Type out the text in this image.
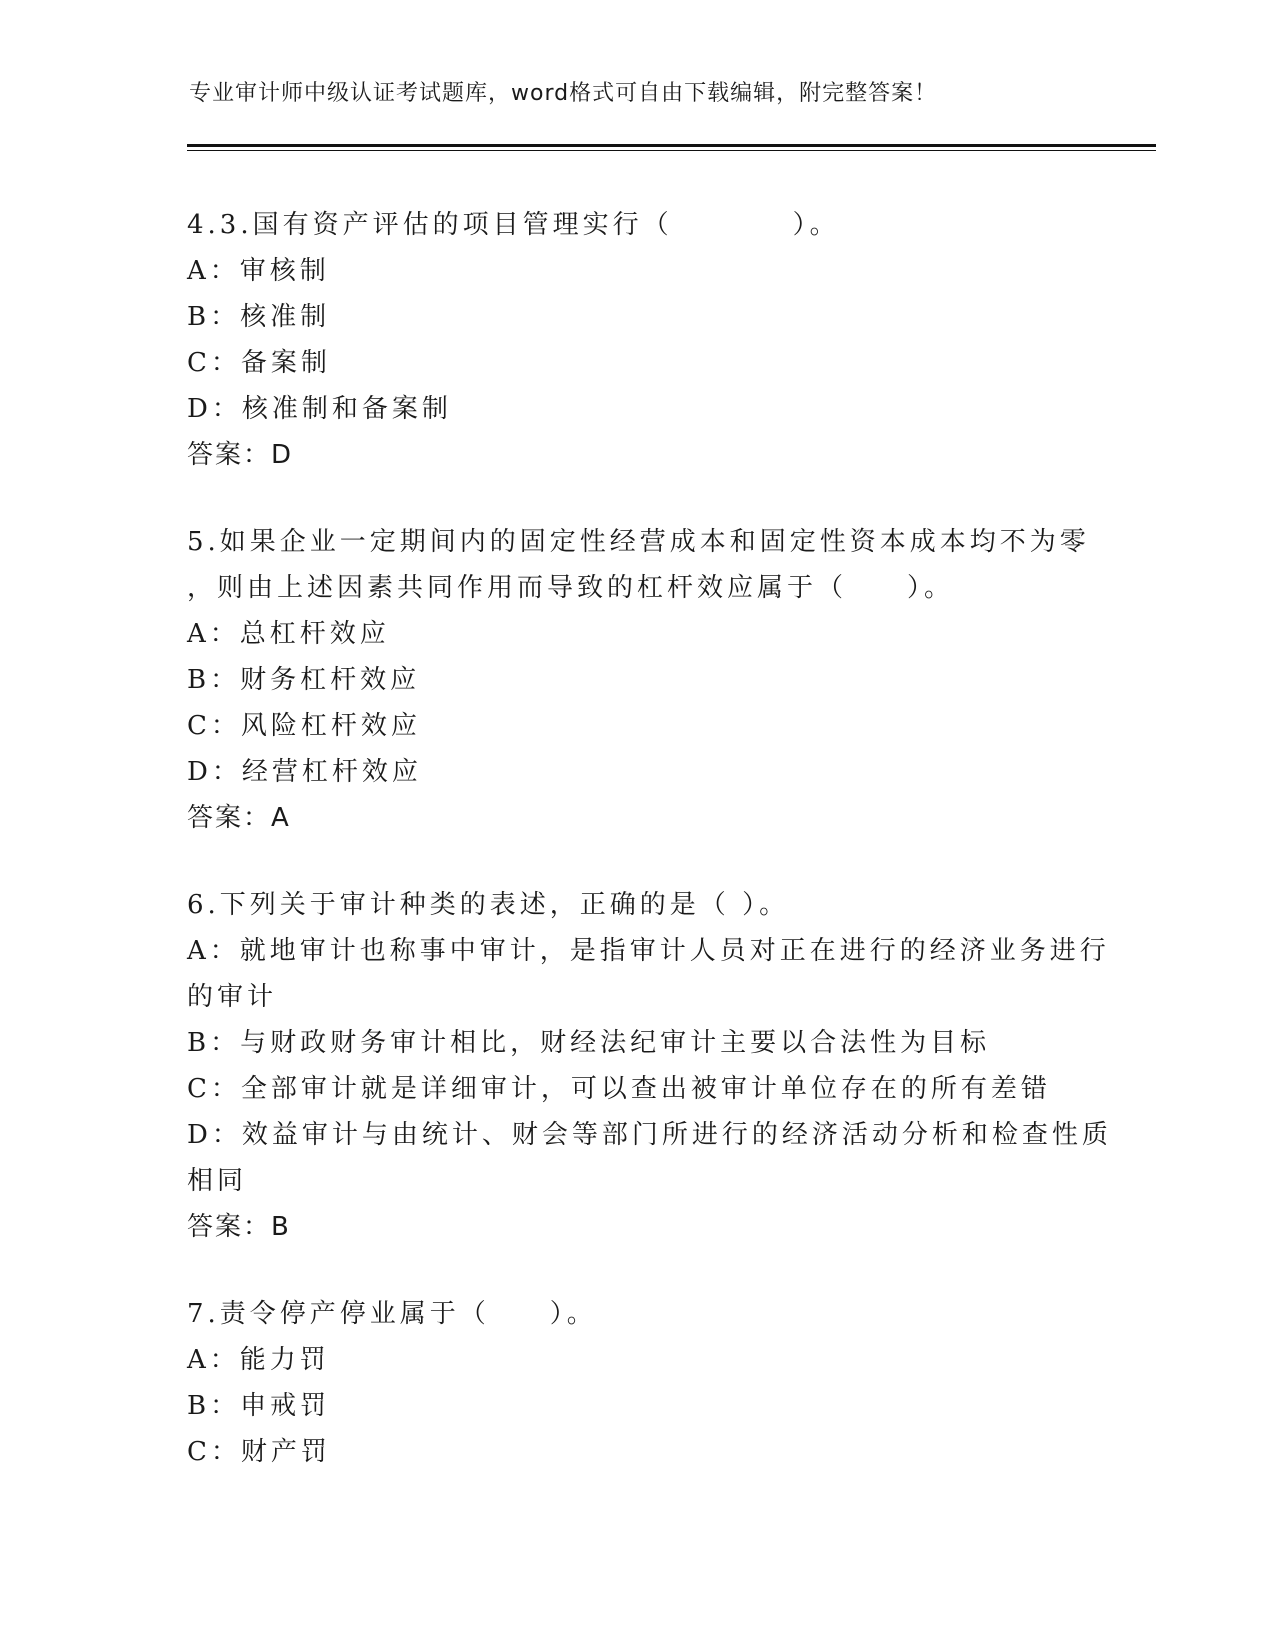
专业审计师中级认证考试题库，word格式可自由下载编辑，附完整答案！
4.3.国有资产评估的项目管理实行（　　　　）。
A：审核制
B：核准制
C：备案制
D：核准制和备案制
答案：D
5.如果企业一定期间内的固定性经营成本和固定性资本成本均不为零
，则由上述因素共同作用而导致的杠杆效应属于（　　）。
A：总杠杆效应
B：财务杠杆效应
C：风险杠杆效应
D：经营杠杆效应
答案：A
6.下列关于审计种类的表述，正确的是（ ）。
A：就地审计也称事中审计，是指审计人员对正在进行的经济业务进行
的审计
B：与财政财务审计相比，财经法纪审计主要以合法性为目标
C：全部审计就是详细审计，可以查出被审计单位存在的所有差错
D：效益审计与由统计、财会等部门所进行的经济活动分析和检查性质
相同
答案：B
7.责令停产停业属于（　　）。
A：能力罚
B：申戒罚
C：财产罚
